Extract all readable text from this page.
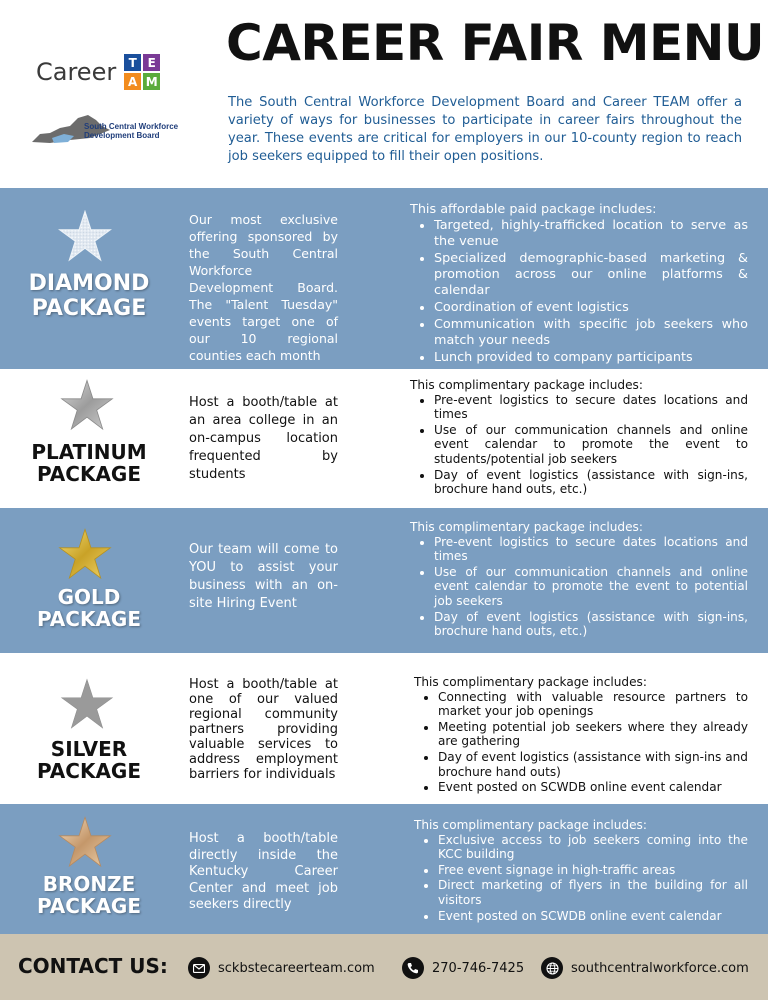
Career	T E
A M
South Central Workforce
Development Board
CAREER FAIR MENU
The South Central Workforce Development Board and Career TEAM offer a variety of ways for businesses to participate in career fairs throughout the year. These events are critical for employers in our 10-county region to reach job seekers equipped to fill their open positions.
DIAMOND
PACKAGE
Our most exclusive offering sponsored by the South Central Workforce Development Board. The "Talent Tuesday" events target one of our 10 regional counties each month
This affordable paid package includes:
• Targeted, highly-trafficked location to serve as the venue
• Specialized demographic-based marketing & promotion across our online platforms & calendar
• Coordination of event logistics
• Communication with specific job seekers who match your needs
• Lunch provided to company participants
PLATINUM
PACKAGE
Host a booth/table at an area college in an on-campus location frequented by students
This complimentary package includes:
• Pre-event logistics to secure dates locations and times
• Use of our communication channels and online event calendar to promote the event to students/potential job seekers
• Day of event logistics (assistance with sign-ins, brochure hand outs, etc.)
GOLD
PACKAGE
Our team will come to YOU to assist your business with an on-site Hiring Event
This complimentary package includes:
• Pre-event logistics to secure dates locations and times
• Use of our communication channels and online event calendar to promote the event to potential job seekers
• Day of event logistics (assistance with sign-ins, brochure hand outs, etc.)
SILVER
PACKAGE
Host a booth/table at one of our valued regional community partners providing valuable services to address employment barriers for individuals
This complimentary package includes:
• Connecting with valuable resource partners to market your job openings
• Meeting potential job seekers where they already are gathering
• Day of event logistics (assistance with sign-ins and brochure hand outs)
• Event posted on SCWDB online event calendar
BRONZE
PACKAGE
Host a booth/table directly inside the Kentucky Career Center and meet job seekers directly
This complimentary package includes:
• Exclusive access to job seekers coming into the KCC building
• Free event signage in high-traffic areas
• Direct marketing of flyers in the building for all visitors
• Event posted on SCWDB online event calendar
CONTACT US:	sckbstecareerteam.com	270-746-7425	southcentralworkforce.com
